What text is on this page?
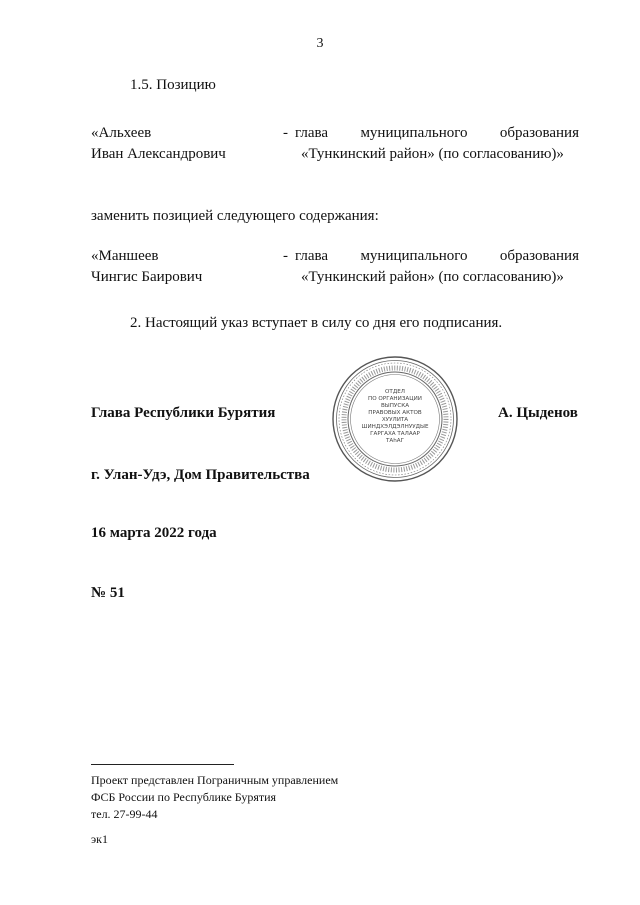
3
1.5. Позицию
«Альхеев
Иван Александрович
- глава муниципального образования
«Тункинский район» (по согласованию)»
заменить позицией следующего содержания:
«Маншеев
Чингис Баирович
- глава муниципального образования
«Тункинский район» (по согласованию)»
2. Настоящий указ вступает в силу со дня его подписания.
ОТДЕЛ
ПО ОРГАНИЗАЦИИ
ВЫПУСКА
ПРАВОВЫХ АКТОВ
ХУУЛИТА
ШИНДХЭЛДЭЛНУУДЫЕ
ГАРГАХА ТАЛААР
ТАһАГ
Глава Республики Бурятия	А. Цыденов
г. Улан-Удэ, Дом Правительства
16 марта 2022 года
№ 51
Проект представлен Пограничным управлением
ФСБ России по Республике Бурятия
тел. 27-99-44
эк1
